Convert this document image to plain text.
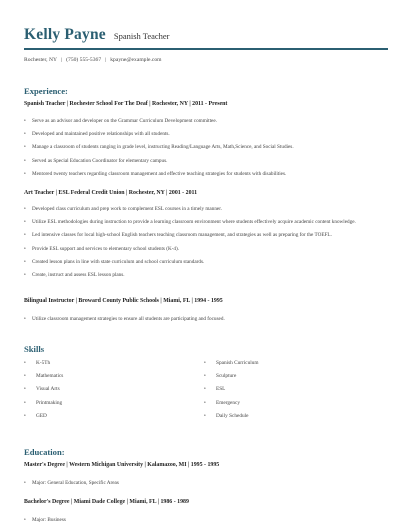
Kelly Payne Spanish Teacher
Rochester, NY | (750) 555-5367 | kpayne@example.com
Experience:
Spanish Teacher | Rochester School For The Deaf | Rochester, NY | 2011 - Present
• Serve as an advisor and developer on the Grammar Curriculum Development committee.
• Developed and maintained positive relationships with all students.
• Manage a classroom of students ranging in grade level, instructing Reading/Language Arts, Math,Science, and Social Studies.
• Served as Special Education Coordinator for elementary campus.
• Mentored twenty teachers regarding classroom management and effective teaching strategies for students with disabilities.
Art Teacher | ESL Federal Credit Union | Rochester, NY | 2001 - 2011
• Developed class curriculum and prep work to complement ESL courses in a timely manner.
• Utilize ESL methodologies during instruction to provide a learning classroom environment where students effectively acquire academic content knowledge.
• Led intensive classes for local high-school English teachers teaching classroom management, and strategies as well as preparing for the TOEFL.
• Provide ESL support and services to elementary school students (K-4).
• Created lesson plans in line with state curriculum and school curriculum standards.
• Create, instruct and assess ESL lesson plans.
Bilingual Instructor | Broward County Public Schools | Miami, FL | 1994 - 1995
• Utilize classroom management strategies to ensure all students are participating and focused.
Skills
• K-5Th	• Spanish Curriculum
• Mathematics	• Sculpture
• Visual Arts	• ESL
• Printmaking	• Emergency
• GED	• Daily Schedule
Education:
Master's Degree | Western Michigan University | Kalamazoo, MI | 1995 - 1995
• Major: General Education, Specific Areas
Bachelor's Degree | Miami Dade College | Miami, FL | 1986 - 1989
• Major: Business
